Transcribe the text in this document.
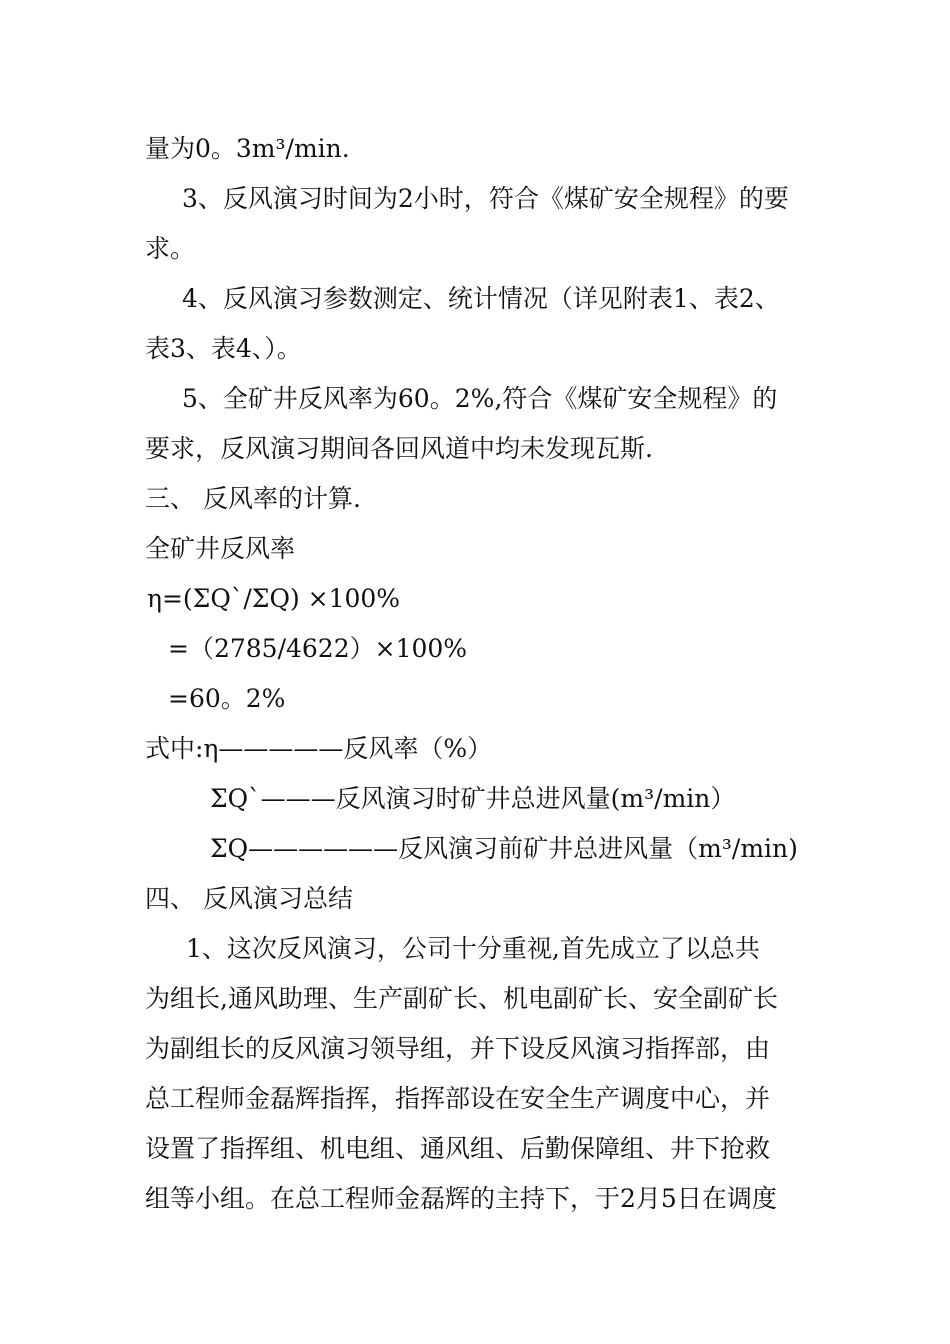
量为0。3m³/min.
3、反风演习时间为2小时，符合《煤矿安全规程》的要
求。
4、反风演习参数测定、统计情况（详见附表1、表2、
表3、表4、）。
5、全矿井反风率为60。2%,符合《煤矿安全规程》的
要求，反风演习期间各回风道中均未发现瓦斯.
三、 反风率的计算.
全矿井反风率
η=(ΣQ`/ΣQ) ×100%
=（2785/4622）×100%
=60。2%
式中:η—————反风率（%）
ΣQ`———反风演习时矿井总进风量(m³/min）
ΣQ——————反风演习前矿井总进风量（m³/min)
四、 反风演习总结
1、这次反风演习，公司十分重视,首先成立了以总共
为组长,通风助理、生产副矿长、机电副矿长、安全副矿长
为副组长的反风演习领导组，并下设反风演习指挥部，由
总工程师金磊辉指挥，指挥部设在安全生产调度中心，并
设置了指挥组、机电组、通风组、后勤保障组、井下抢救
组等小组。在总工程师金磊辉的主持下，于2月5日在调度
